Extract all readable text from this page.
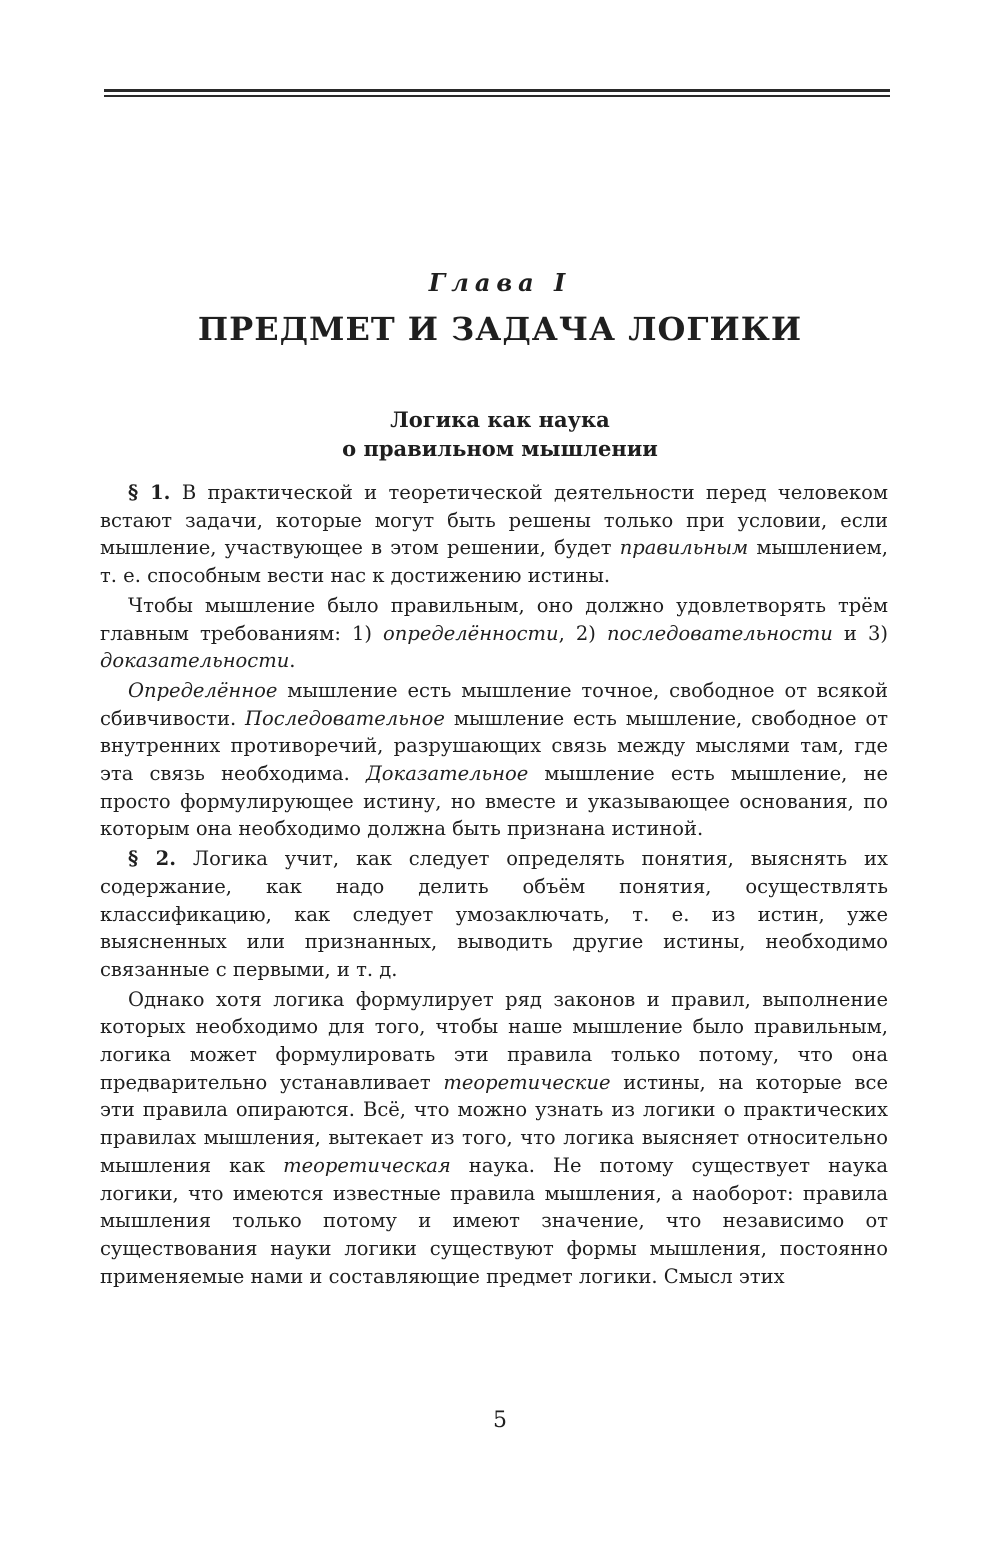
Глава I
ПРЕДМЕТ И ЗАДАЧА ЛОГИКИ
Логика как наука
о правильном мышлении

§ 1. В практической и теоретической деятельности перед человеком встают задачи, которые могут быть решены только при условии, если мышление, участвующее в этом решении, будет правильным мышлением, т. е. способным вести нас к достижению истины.

Чтобы мышление было правильным, оно должно удовлетворять трём главным требованиям: 1) определённости, 2) последовательности и 3) доказательности.

Определённое мышление есть мышление точное, свободное от всякой сбивчивости. Последовательное мышление есть мышление, свободное от внутренних противоречий, разрушающих связь между мыслями там, где эта связь необходима. Доказательное мышление есть мышление, не просто формулирующее истину, но вместе и указывающее основания, по которым она необходимо должна быть признана истиной.

§ 2. Логика учит, как следует определять понятия, выяснять их содержание, как надо делить объём понятия, осуществлять классификацию, как следует умозаключать, т. е. из истин, уже выясненных или признанных, выводить другие истины, необходимо связанные с первыми, и т. д.

Однако хотя логика формулирует ряд законов и правил, выполнение которых необходимо для того, чтобы наше мышление было правильным, логика может формулировать эти правила только потому, что она предварительно устанавливает теоретические истины, на которые все эти правила опираются. Всё, что можно узнать из логики о практических правилах мышления, вытекает из того, что логика выясняет относительно мышления как теоретическая наука. Не потому существует наука логики, что имеются известные правила мышления, а наоборот: правила мышления только потому и имеют значение, что независимо от существования науки логики существуют формы мышления, постоянно применяемые нами и составляющие предмет логики. Смысл этих

5
